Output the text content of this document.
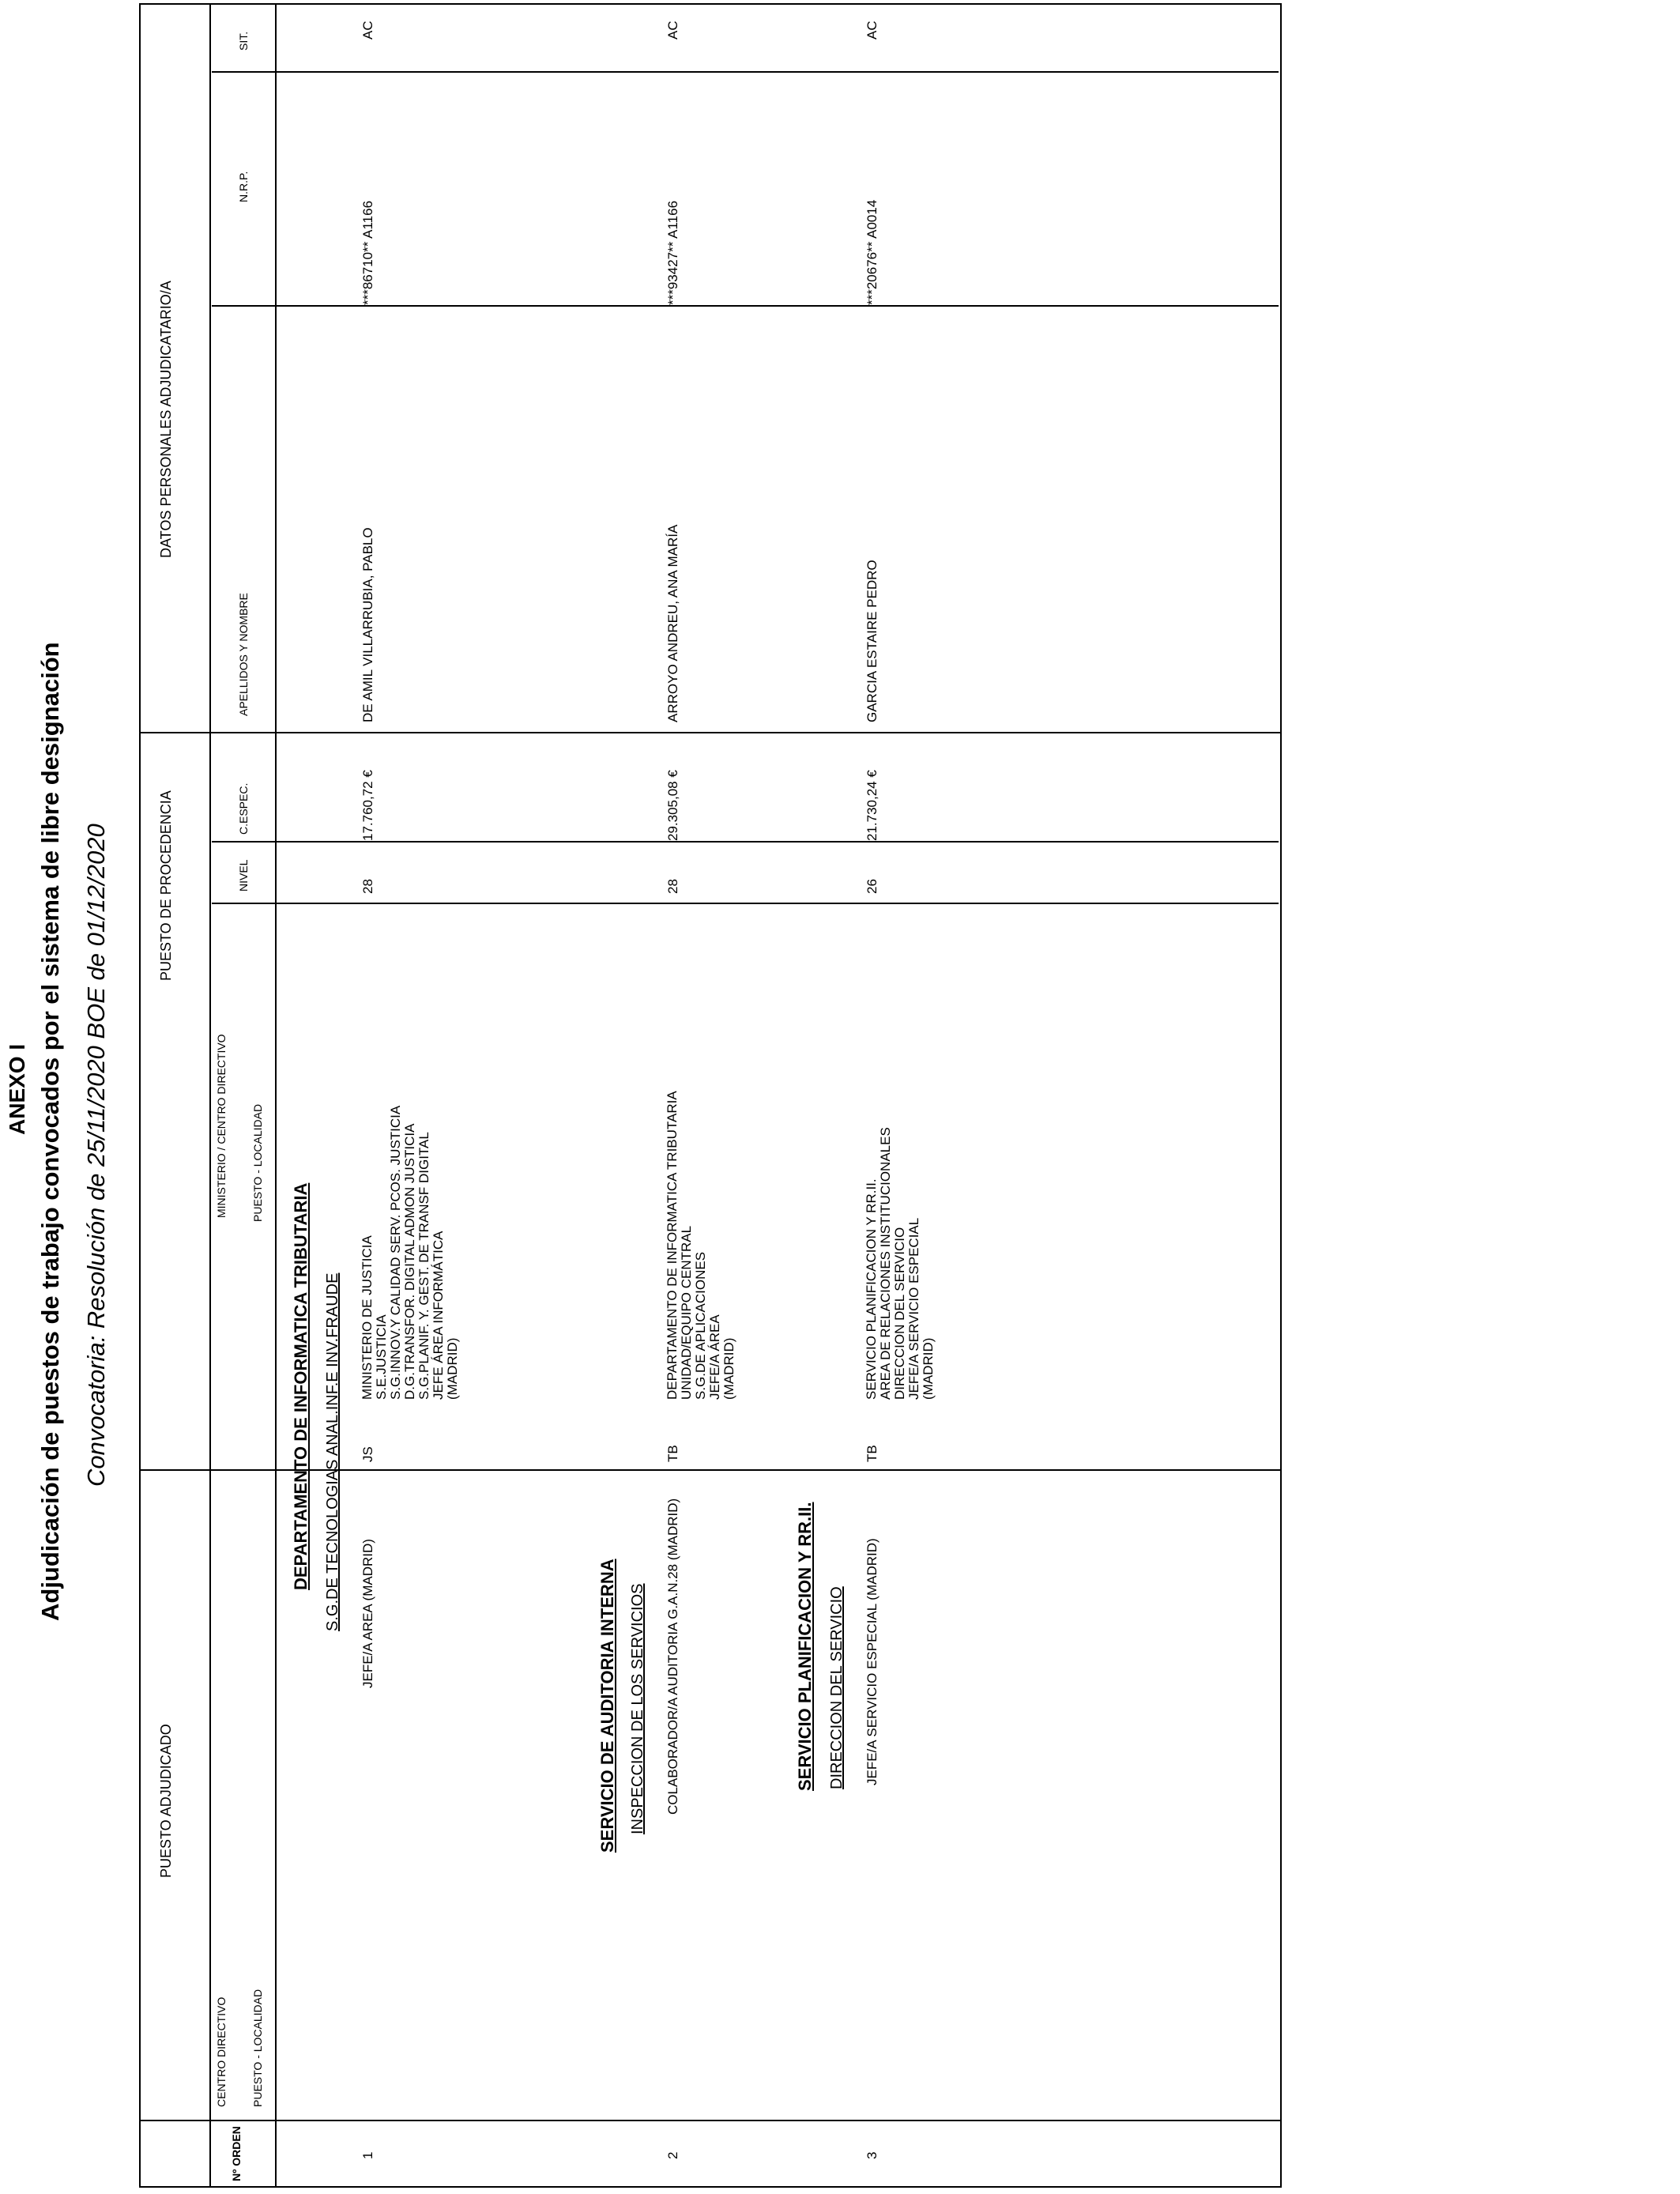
ANEXO I Adjudicación de puestos de trabajo convocados por el sistema de libre designación Convocatoria: Resolución de 25/11/2020 BOE de 01/12/2020
Nº ORDEN
PUESTO ADJUDICADO
CENTRO DIRECTIVO PUESTO - LOCALIDAD
PUESTO DE PROCEDENCIA
MINISTERIO / CENTRO DIRECTIVO PUESTO - LOCALIDAD
NIVEL
C.ESPEC.
DATOS PERSONALES ADJUDICATARIO/A
APELLIDOS Y NOMBRE
N.R.P.
SIT.
1
DEPARTAMENTO DE INFORMATICA TRIBUTARIA S.G.DE TECNOLOGIAS ANAL.INF.E INV.FRAUDE JEFE/A AREA (MADRID)
JS
MINISTERIO DE JUSTICIA S.E.JUSTICIA S.G.INNOV.Y CALIDAD SERV. PCOS. JUSTICIA D.G.TRANSFOR. DIGITAL ADMON JUSTICIA S.G.PLANIF. Y. GEST. DE TRANSF DIGITAL JEFE ÁREA INFORMÁTICA (MADRID)
28
17.760,72 €
DE AMIL VILLARRUBIA, PABLO
***86710** A1166
AC
2
SERVICIO DE AUDITORIA INTERNA INSPECCION DE LOS SERVICIOS COLABORADOR/A AUDITORIA G.A.N.28 (MADRID)
TB
DEPARTAMENTO DE INFORMATICA TRIBUTARIA UNIDAD/EQUIPO CENTRAL S.G.DE APLICACIONES JEFE/A ÁREA (MADRID)
28
29.305,08 €
ARROYO ANDREU, ANA MARÍA
***93427** A1166
AC
3
SERVICIO PLANIFICACION Y RR.II. DIRECCION DEL SERVICIO JEFE/A SERVICIO ESPECIAL (MADRID)
TB
SERVICIO PLANIFICACION Y RR.II. AREA DE RELACIONES INSTITUCIONALES DIRECCION DEL SERVICIO JEFE/A SERVICIO ESPECIAL (MADRID)
26
21.730,24 €
GARCIA ESTAIRE PEDRO
***20676** A0014
AC
